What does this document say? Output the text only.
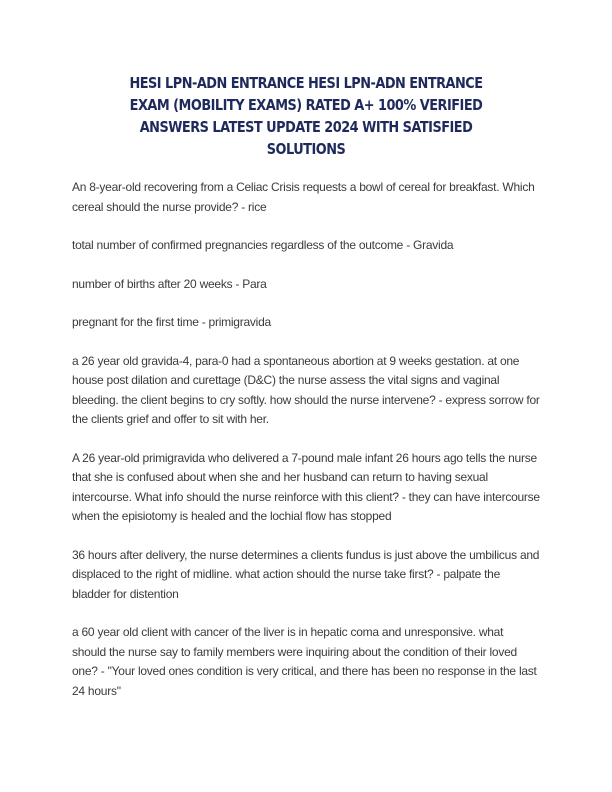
HESI LPN-ADN ENTRANCE HESI LPN-ADN ENTRANCE EXAM (MOBILITY EXAMS) RATED A+ 100% VERIFIED ANSWERS LATEST UPDATE 2024 WITH SATISFIED SOLUTIONS

An 8-year-old recovering from a Celiac Crisis requests a bowl of cereal for breakfast. Which cereal should the nurse provide? - rice

total number of confirmed pregnancies regardless of the outcome - Gravida

number of births after 20 weeks - Para

pregnant for the first time - primigravida

a 26 year old gravida-4, para-0 had a spontaneous abortion at 9 weeks gestation. at one house post dilation and curettage (D&C) the nurse assess the vital signs and vaginal bleeding. the client begins to cry softly. how should the nurse intervene? - express sorrow for the clients grief and offer to sit with her.

A 26 year-old primigravida who delivered a 7-pound male infant 26 hours ago tells the nurse that she is confused about when she and her husband can return to having sexual intercourse. What info should the nurse reinforce with this client? - they can have intercourse when the episiotomy is healed and the lochial flow has stopped

36 hours after delivery, the nurse determines a clients fundus is just above the umbilicus and displaced to the right of midline. what action should the nurse take first? - palpate the bladder for distention

a 60 year old client with cancer of the liver is in hepatic coma and unresponsive. what should the nurse say to family members were inquiring about the condition of their loved one? - "Your loved ones condition is very critical, and there has been no response in the last 24 hours"
